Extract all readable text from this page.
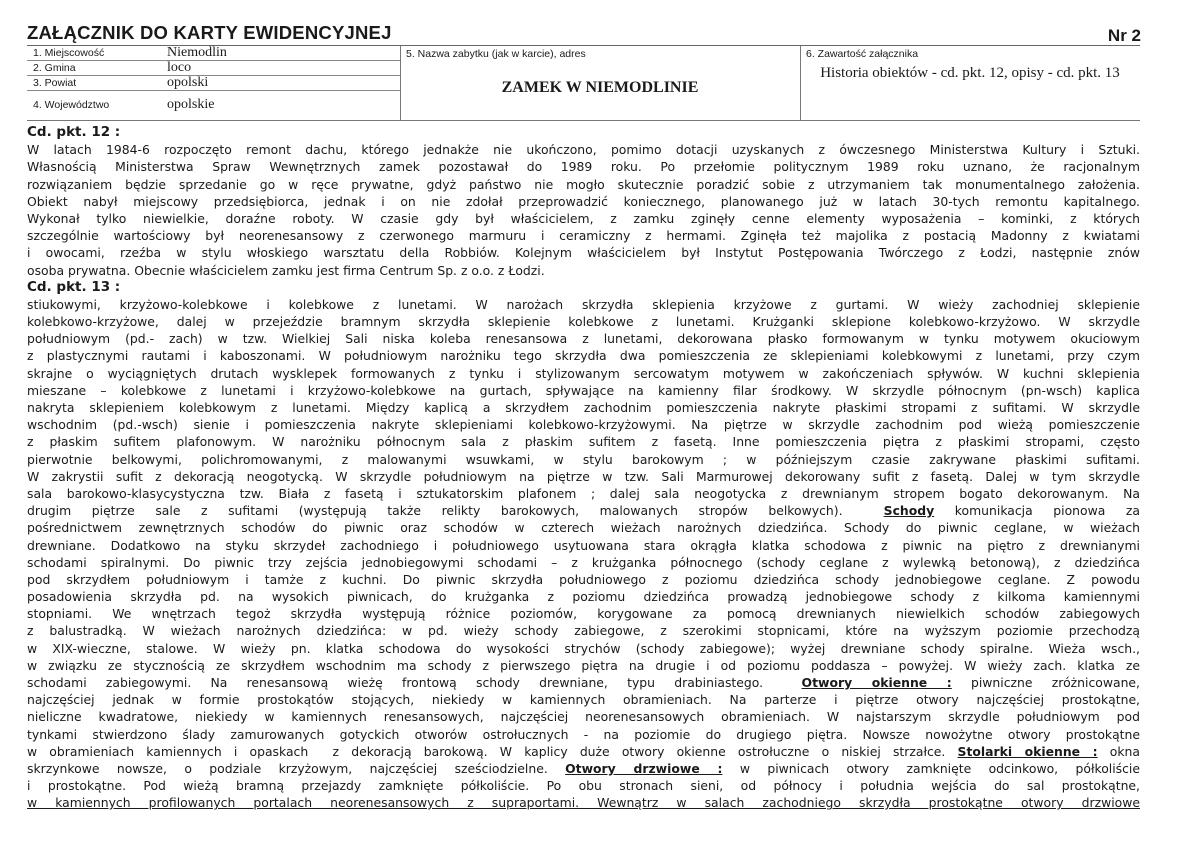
ZAŁĄCZNIK DO KARTY EWIDENCYJNEJ	Nr 2
1. Miejscowość	Niemodlin
2. Gmina	loco
3. Powiat	opolski
4. Województwo	opolskie
5. Nazwa zabytku (jak w karcie), adres
ZAMEK W NIEMODLINIE
6. Zawartość załącznika
Historia obiektów - cd. pkt. 12, opisy - cd. pkt. 13
Cd. pkt. 12 :
W latach 1984-6 rozpoczęto remont dachu, którego jednakże nie ukończono, pomimo dotacji uzyskanych z ówczesnego Ministerstwa Kultury i Sztuki.
Własnością Ministerstwa Spraw Wewnętrznych zamek pozostawał do 1989 roku. Po przełomie politycznym 1989 roku uznano, że racjonalnym
rozwiązaniem będzie sprzedanie go w ręce prywatne, gdyż państwo nie mogło skutecznie poradzić sobie z utrzymaniem tak monumentalnego założenia.
Obiekt nabył miejscowy przedsiębiorca, jednak i on nie zdołał przeprowadzić koniecznego, planowanego już w latach 30-tych remontu kapitalnego.
Wykonał tylko niewielkie, doraźne roboty. W czasie gdy był właścicielem, z zamku zginęły cenne elementy wyposażenia – kominki, z których
szczególnie wartościowy był neorenesansowy z czerwonego marmuru i ceramiczny z hermami. Zginęła też majolika z postacią Madonny z kwiatami
i owocami, rzeźba w stylu włoskiego warsztatu della Robbiów. Kolejnym właścicielem był Instytut Postępowania Twórczego z Łodzi, następnie znów
osoba prywatna. Obecnie właścicielem zamku jest firma Centrum Sp. z o.o. z Łodzi.
Cd. pkt. 13 :
stiukowymi, krzyżowo-kolebkowe i kolebkowe z lunetami. W narożach skrzydła sklepienia krzyżowe z gurtami. W wieży zachodniej sklepienie
kolebkowo-krzyżowe, dalej w przejeździe bramnym skrzydła sklepienie kolebkowe z lunetami. Krużganki sklepione kolebkowo-krzyżowo. W skrzydle
południowym (pd.- zach) w tzw. Wielkiej Sali niska koleba renesansowa z lunetami, dekorowana płasko formowanym w tynku motywem okuciowym
z plastycznymi rautami i kaboszonami. W południowym narożniku tego skrzydła dwa pomieszczenia ze sklepieniami kolebkowymi z lunetami, przy czym
skrajne o wyciągniętych drutach wysklepek formowanych z tynku i stylizowanym sercowatym motywem w zakończeniach spływów. W kuchni sklepienia
mieszane – kolebkowe z lunetami i krzyżowo-kolebkowe na gurtach, spływające na kamienny filar środkowy. W skrzydle północnym (pn-wsch) kaplica
nakryta sklepieniem kolebkowym z lunetami. Między kaplicą a skrzydłem zachodnim pomieszczenia nakryte płaskimi stropami z sufitami. W skrzydle
wschodnim (pd.-wsch) sienie i pomieszczenia nakryte sklepieniami kolebkowo-krzyżowymi. Na piętrze w skrzydle zachodnim pod wieżą pomieszczenie
z płaskim sufitem plafonowym. W narożniku północnym sala z płaskim sufitem z fasetą. Inne pomieszczenia piętra z płaskimi stropami, często
pierwotnie belkowymi, polichromowanymi, z malowanymi wsuwkami, w stylu barokowym ; w późniejszym czasie zakrywane płaskimi sufitami.
W zakrystii sufit z dekoracją neogotycką. W skrzydle południowym na piętrze w tzw. Sali Marmurowej dekorowany sufit z fasetą. Dalej w tym skrzydle
sala barokowo-klasycystyczna tzw. Biała z fasetą i sztukatorskim plafonem ; dalej sala neogotycka z drewnianym stropem bogato dekorowanym. Na
drugim piętrze sale z sufitami (występują także relikty barokowych, malowanych stropów belkowych).  Schody komunikacja pionowa za
pośrednictwem zewnętrznych schodów do piwnic oraz schodów w czterech wieżach narożnych dziedzińca. Schody do piwnic ceglane, w wieżach
drewniane. Dodatkowo na styku skrzydeł zachodniego i południowego usytuowana stara okrągła klatka schodowa z piwnic na piętro z drewnianymi
schodami spiralnymi. Do piwnic trzy zejścia jednobiegowymi schodami – z krużganka północnego (schody ceglane z wylewką betonową), z dziedzińca
pod skrzydłem południowym i tamże z kuchni. Do piwnic skrzydła południowego z poziomu dziedzińca schody jednobiegowe ceglane. Z powodu
posadowienia skrzydła pd. na wysokich piwnicach, do krużganka z poziomu dziedzińca prowadzą jednobiegowe schody z kilkoma kamiennymi
stopniami. We wnętrzach tegoż skrzydła występują różnice poziomów, korygowane za pomocą drewnianych niewielkich schodów zabiegowych
z balustradką. W wieżach narożnych dziedzińca: w pd. wieży schody zabiegowe, z szerokimi stopnicami, które na wyższym poziomie przechodzą
w XIX-wieczne, stalowe. W wieży pn. klatka schodowa do wysokości strychów (schody zabiegowe); wyżej drewniane schody spiralne. Wieża wsch.,
w związku ze stycznością ze skrzydłem wschodnim ma schody z pierwszego piętra na drugie i od poziomu poddasza – powyżej. W wieży zach. klatka ze
schodami zabiegowymi. Na renesansową wieżę frontową schody drewniane, typu drabiniastego.  Otwory okienne : piwniczne zróżnicowane,
najczęściej jednak w formie prostokątów stojących, niekiedy w kamiennych obramieniach. Na parterze i piętrze otwory najczęściej prostokątne,
nieliczne kwadratowe, niekiedy w kamiennych renesansowych, najczęściej neorenesansowych obramieniach. W najstarszym skrzydle południowym pod
tynkami stwierdzono ślady zamurowanych gotyckich otworów ostrołucznych - na poziomie do drugiego piętra. Nowsze nowożytne otwory prostokątne
w obramieniach kamiennych i opaskach  z dekoracją barokową. W kaplicy duże otwory okienne ostrołuczne o niskiej strzałce. Stolarki okienne : okna
skrzynkowe nowsze, o podziale krzyżowym, najczęściej sześciodzielne. Otwory drzwiowe : w piwnicach otwory zamknięte odcinkowo, półkoliście
i prostokątne. Pod wieżą bramną przejazdy zamknięte półkoliście. Po obu stronach sieni, od północy i południa wejścia do sal prostokątne,
w kamiennych profilowanych portalach neorenesansowych z supraportami. Wewnątrz w salach zachodniego skrzydła prostokątne otwory drzwiowe
